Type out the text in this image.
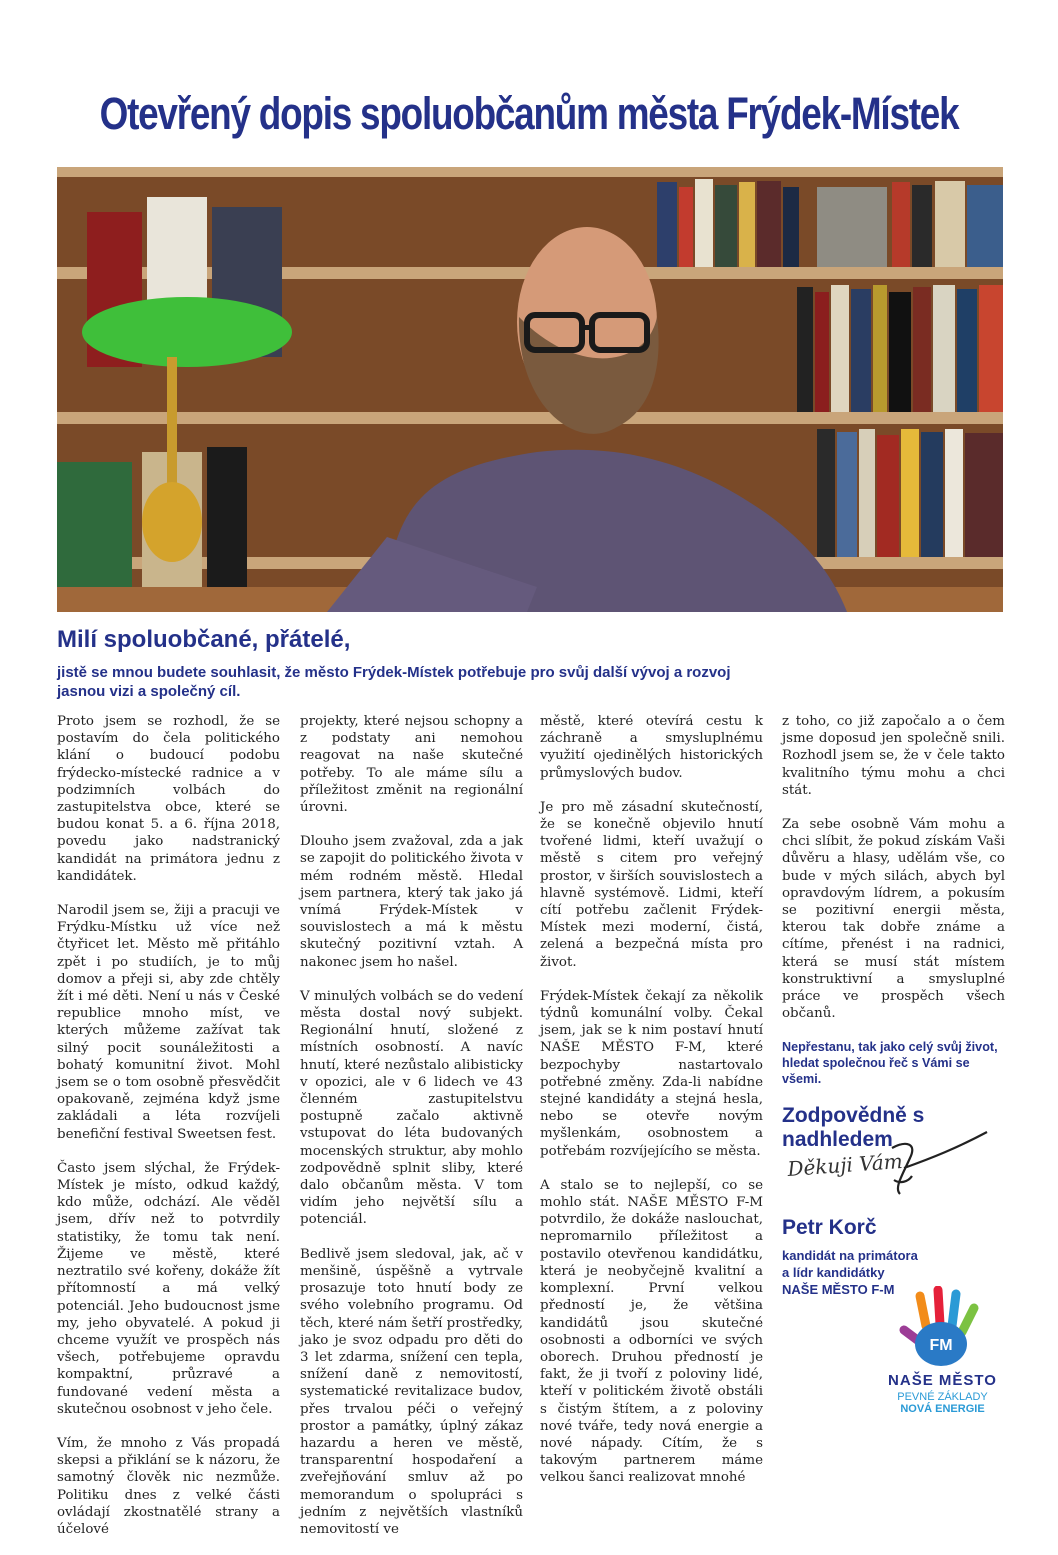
Otevřený dopis spoluobčanům města Frýdek-Místek
Milí spoluobčané, přátelé,
jistě se mnou budete souhlasit, že město Frýdek-Místek potřebuje pro svůj další vývoj a rozvoj jasnou vizi a společný cíl.

Proto jsem se rozhodl, že se postavím do čela politického klání o budoucí podobu frýdecko-místecké radnice a v podzimních volbách do zastupitelstva obce, které se budou konat 5. a 6. října 2018, povedu jako nadstranický kandidát na primátora jednu z kandidátek.

Narodil jsem se, žiji a pracuji ve Frýdku-Místku už více než čtyřicet let. Město mě přitáhlo zpět i po studiích, je to můj domov a přeji si, aby zde chtěly žít i mé děti. Není u nás v České republice mnoho míst, ve kterých můžeme zažívat tak silný pocit sounáležitosti a bohatý komunitní život. Mohl jsem se o tom osobně přesvědčit opakovaně, zejména když jsme zakládali a léta rozvíjeli benefiční festival Sweetsen fest.

Často jsem slýchal, že Frýdek-Místek je místo, odkud každý, kdo může, odchází. Ale věděl jsem, dřív než to potvrdily statistiky, že tomu tak není. Žijeme ve městě, které neztratilo své kořeny, dokáže žít přítomností a má velký potenciál. Jeho budoucnost jsme my, jeho obyvatelé. A pokud ji chceme využít ve prospěch nás všech, potřebujeme opravdu kompaktní, průzravé a fundované vedení města a skutečnou osobnost v jeho čele.

Vím, že mnoho z Vás propadá skepsi a přiklání se k názoru, že samotný člověk nic nezmůže. Politiku dnes z velké části ovládají zkostnatělé strany a účelové

projekty, které nejsou schopny a z podstaty ani nemohou reagovat na naše skutečné potřeby. To ale máme sílu a příležitost změnit na regionální úrovni.

Dlouho jsem zvažoval, zda a jak se zapojit do politického života v mém rodném městě. Hledal jsem partnera, který tak jako já vnímá Frýdek-Místek v souvislostech a má k městu skutečný pozitivní vztah. A nakonec jsem ho našel.

V minulých volbách se do vedení města dostal nový subjekt. Regionální hnutí, složené z místních osobností. A navíc hnutí, které nezůstalo alibisticky v opozici, ale v 6 lidech ve 43 členném zastupitelstvu postupně začalo aktivně vstupovat do léta budovaných mocenských struktur, aby mohlo zodpovědně splnit sliby, které dalo občanům města. V tom vidím jeho největší sílu a potenciál.

Bedlivě jsem sledoval, jak, ač v menšině, úspěšně a vytrvale prosazuje toto hnutí body ze svého volebního programu. Od těch, které nám šetří prostředky, jako je svoz odpadu pro děti do 3 let zdarma, snížení cen tepla, snížení daně z nemovitostí, systematické revitalizace budov, přes trvalou péči o veřejný prostor a památky, úplný zákaz hazardu a heren ve městě, transparentní hospodaření a zveřejňování smluv až po memorandum o spolupráci s jedním z největších vlastníků nemovitostí ve

městě, které otevírá cestu k záchraně a smysluplnému využití ojedinělých historických průmyslových budov.

Je pro mě zásadní skutečností, že se konečně objevilo hnutí tvořené lidmi, kteří uvažují o městě s citem pro veřejný prostor, v širších souvislostech a hlavně systémově. Lidmi, kteří cítí potřebu začlenit Frýdek-Místek mezi moderní, čistá, zelená a bezpečná místa pro život.

Frýdek-Místek čekají za několik týdnů komunální volby. Čekal jsem, jak se k nim postaví hnutí NAŠE MĚSTO F-M, které bezpochyby nastartovalo potřebné změny. Zda-li nabídne stejné kandidáty a stejná hesla, nebo se otevře novým myšlenkám, osobnostem a potřebám rozvíjejícího se města.

A stalo se to nejlepší, co se mohlo stát. NAŠE MĚSTO F-M potvrdilo, že dokáže naslouchat, nepromarnilo příležitost a postavilo otevřenou kandidátku, která je neobyčejně kvalitní a komplexní. První velkou předností je, že většina kandidátů jsou skutečné osobnosti a odborníci ve svých oborech. Druhou předností je fakt, že ji tvoří z poloviny lidé, kteří v politickém životě obstáli s čistým štítem, a z poloviny nové tváře, tedy nová energie a nové nápady. Cítím, že s takovým partnerem máme velkou šanci realizovat mnohé

z toho, co již započalo a o čem jsme doposud jen společně snili. Rozhodl jsem se, že v čele takto kvalitního týmu mohu a chci stát.

Za sebe osobně Vám mohu a chci slíbit, že pokud získám Vaši důvěru a hlasy, udělám vše, co bude v mých silách, abych byl opravdovým lídrem, a pokusím se pozitivní energii města, kterou tak dobře známe a cítíme, přenést i na radnici, která se musí stát místem konstruktivní a smysluplné práce ve prospěch všech občanů.

Nepřestanu, tak jako celý svůj život, hledat společnou řeč s Vámi se všemi.

Zodpovědně s nadhledem

Děkuji Vám
Petr Korč
kandidát na primátora
a lídr kandidátky
NAŠE MĚSTO F-M
FM
NAŠE MĚSTO
PEVNÉ ZÁKLADY
NOVÁ ENERGIE
